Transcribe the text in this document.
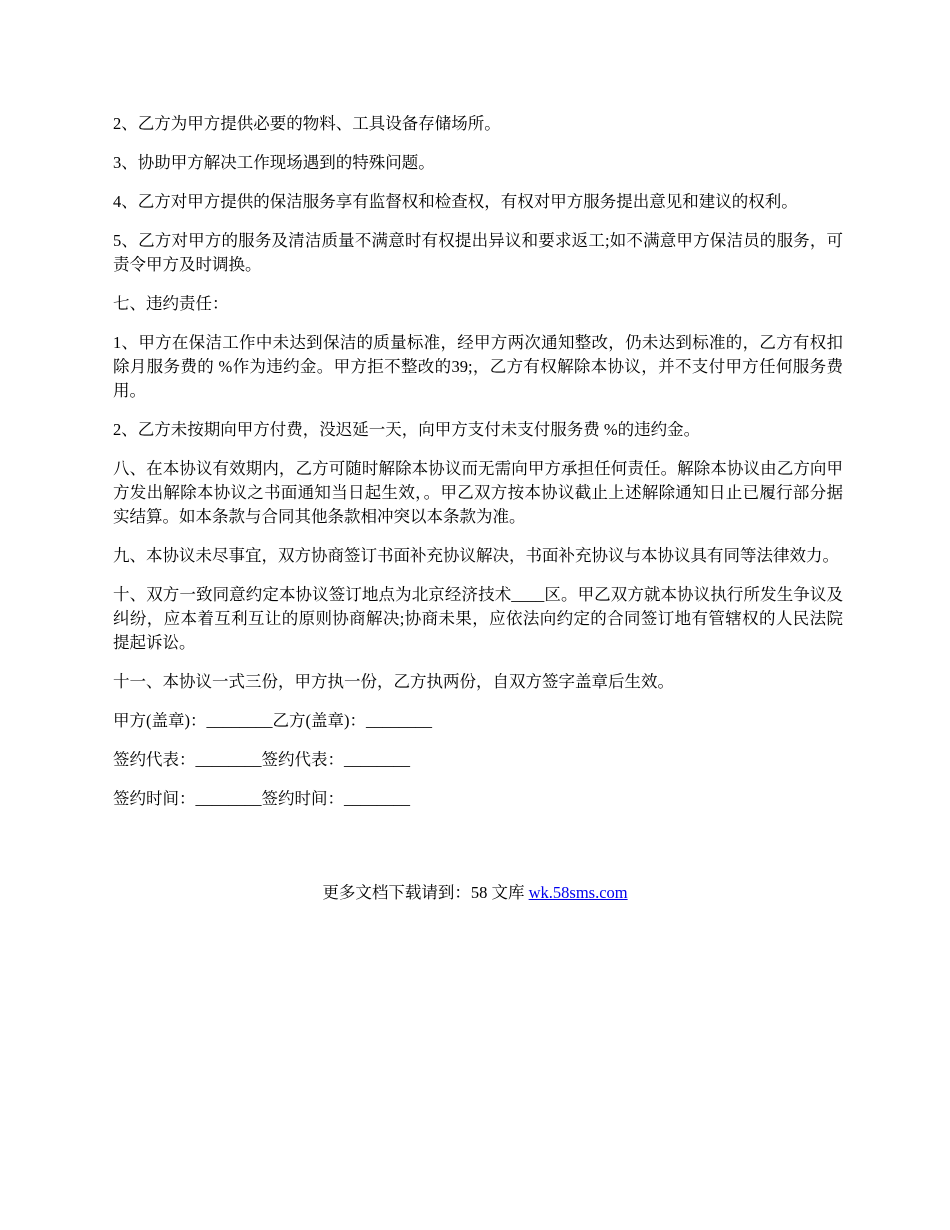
2、乙方为甲方提供必要的物料、工具设备存储场所。

3、协助甲方解决工作现场遇到的特殊问题。

4、乙方对甲方提供的保洁服务享有监督权和检查权，有权对甲方服务提出意见和建议的权利。

5、乙方对甲方的服务及清洁质量不满意时有权提出异议和要求返工;如不满意甲方保洁员的服务，可责令甲方及时调换。

七、违约责任：

1、甲方在保洁工作中未达到保洁的质量标准，经甲方两次通知整改，仍未达到标准的，乙方有权扣除月服务费的 %作为违约金。甲方拒不整改的39;，乙方有权解除本协议，并不支付甲方任何服务费用。

2、乙方未按期向甲方付费，没迟延一天，向甲方支付未支付服务费 %的违约金。

八、在本协议有效期内，乙方可随时解除本协议而无需向甲方承担任何责任。解除本协议由乙方向甲方发出解除本协议之书面通知当日起生效，。甲乙双方按本协议截止上述解除通知日止已履行部分据实结算。如本条款与合同其他条款相冲突以本条款为准。

九、本协议未尽事宜，双方协商签订书面补充协议解决，书面补充协议与本协议具有同等法律效力。

十、双方一致同意约定本协议签订地点为北京经济技术____区。甲乙双方就本协议执行所发生争议及纠纷，应本着互利互让的原则协商解决;协商未果，应依法向约定的合同签订地有管辖权的人民法院提起诉讼。

十一、本协议一式三份，甲方执一份，乙方执两份，自双方签字盖章后生效。

甲方(盖章)：________乙方(盖章)：________

签约代表：________签约代表：________

签约时间：________签约时间：________

更多文档下载请到：58 文库 wk.58sms.com
